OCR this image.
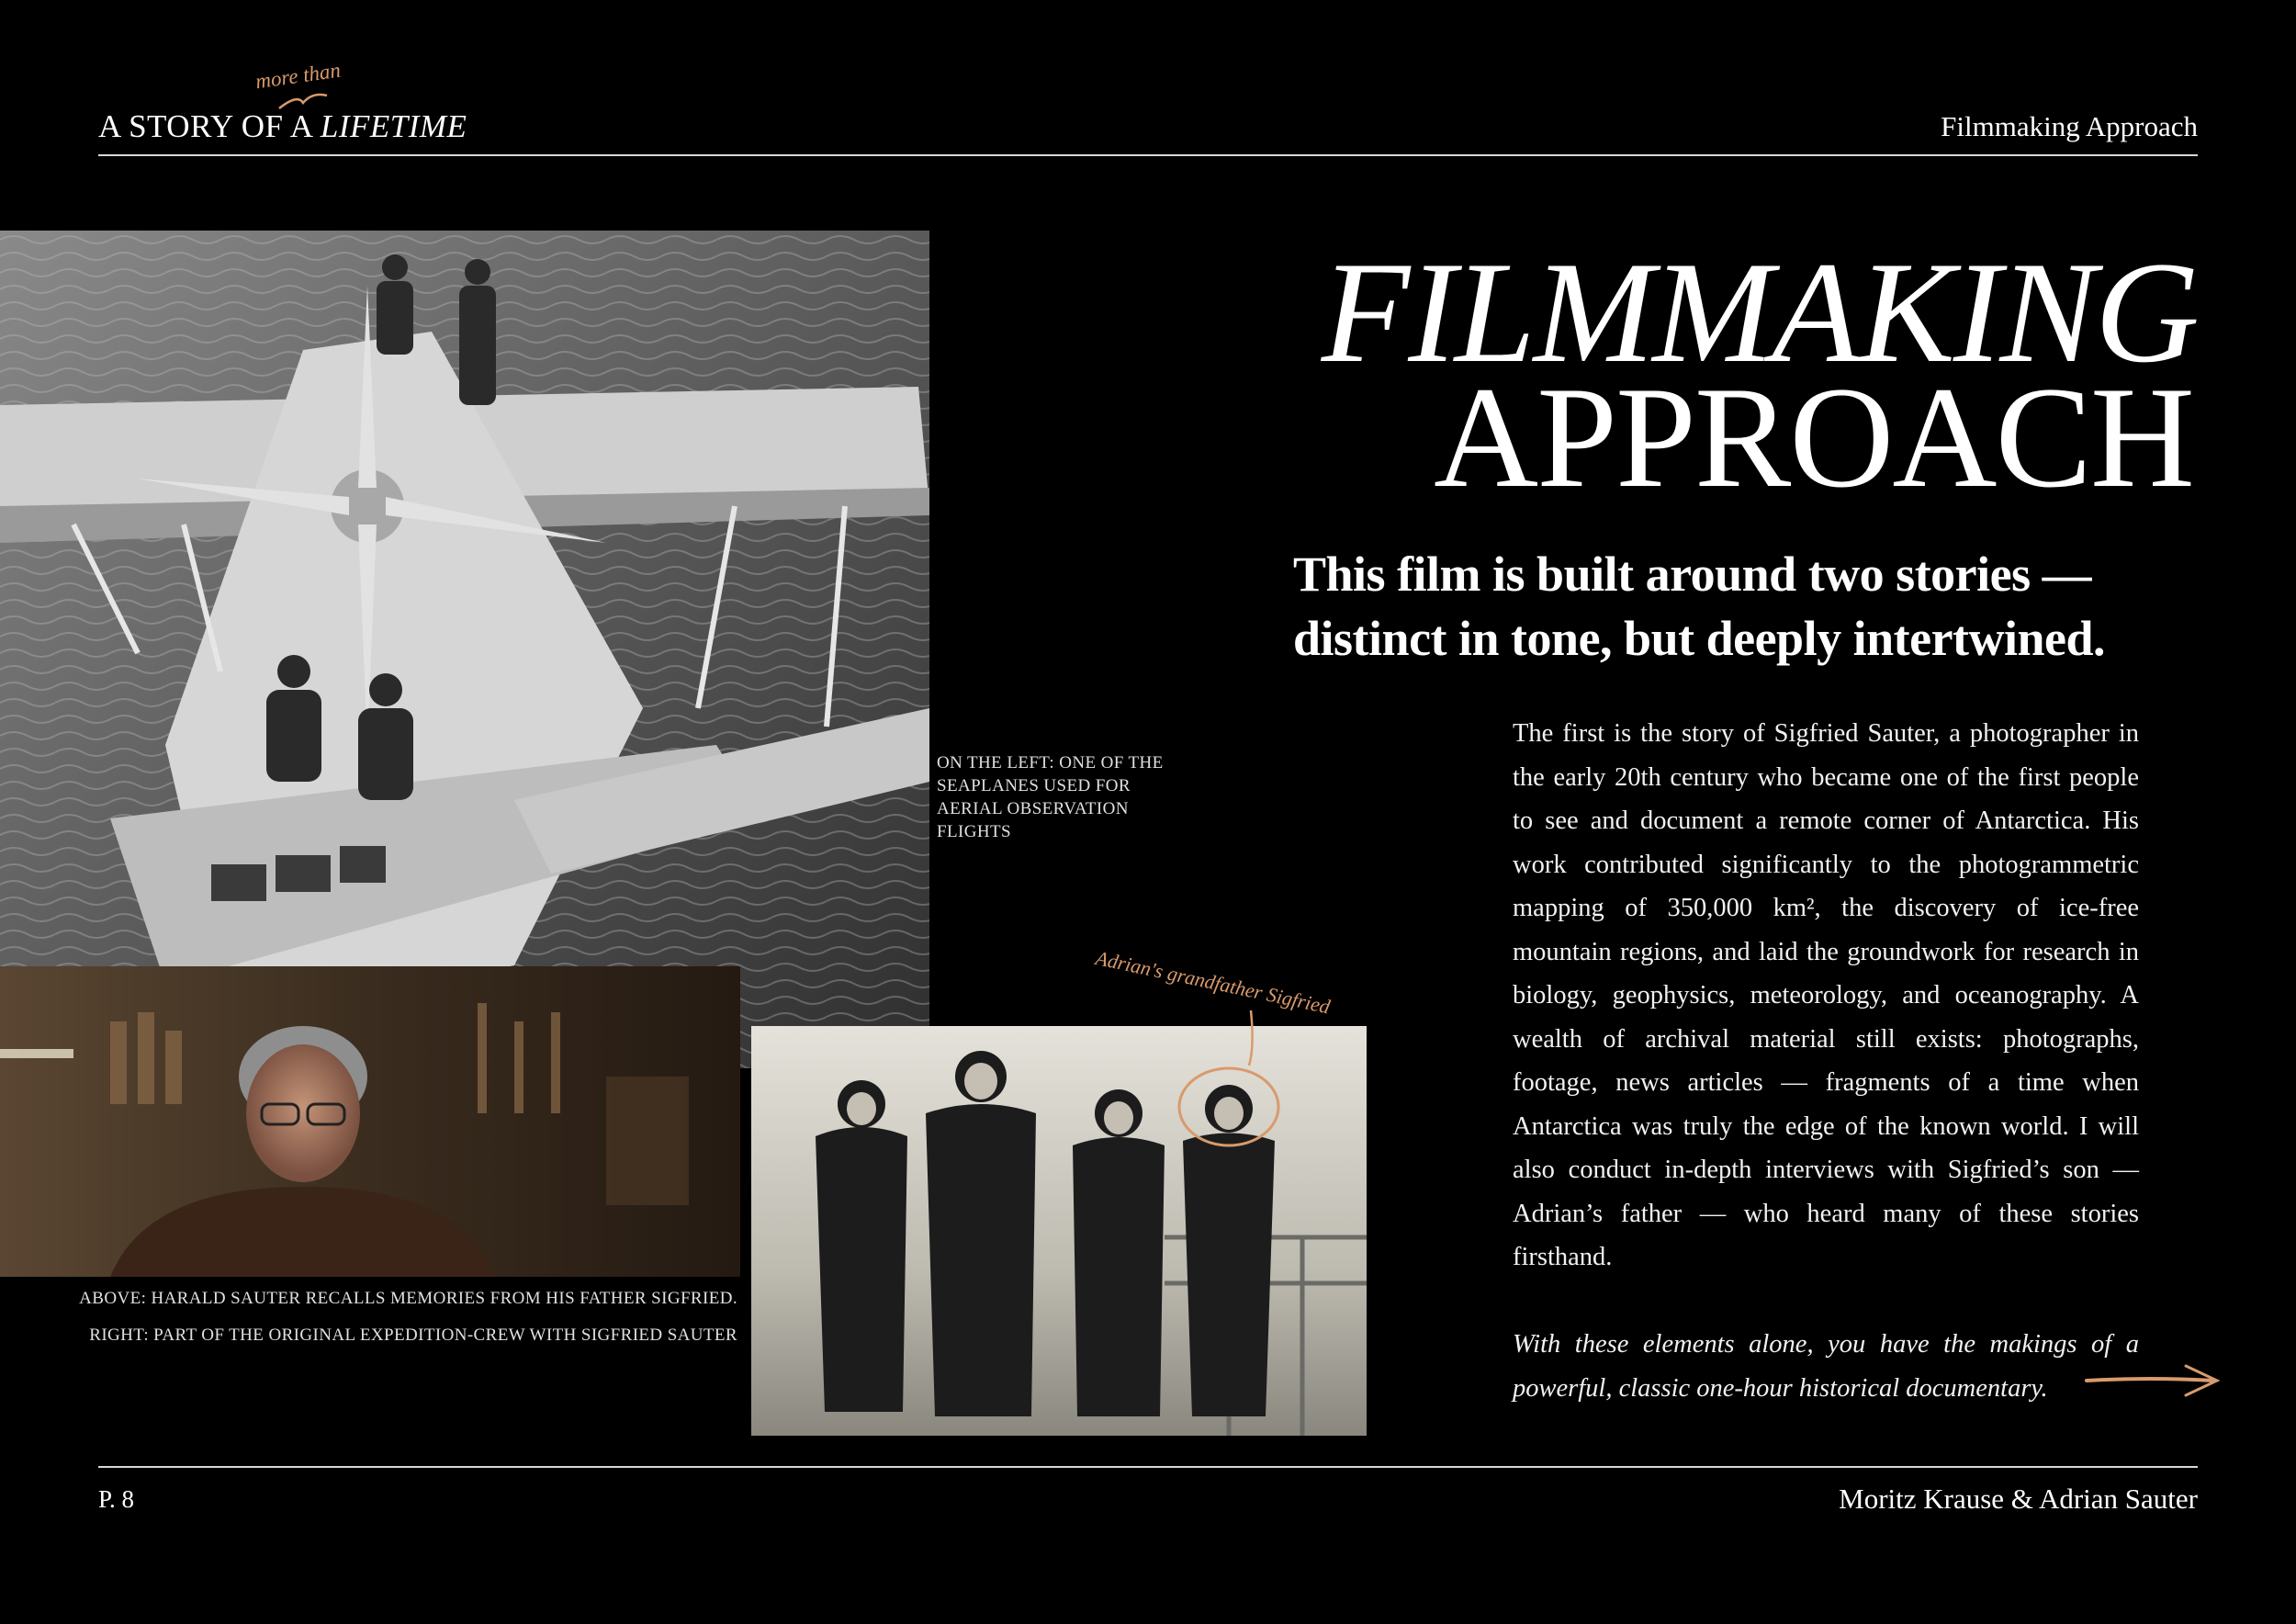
A STORY OF A LIFETIME
more than
Filmmaking Approach
Adrian's grandfather Sigfried
ON THE LEFT: ONE OF THE SEAPLANES USED FOR AERIAL OBSERVATION FLIGHTS
ABOVE: HARALD SAUTER RECALLS MEMORIES FROM HIS FATHER SIGFRIED.
RIGHT: PART OF THE ORIGINAL EXPEDITION-CREW WITH SIGFRIED SAUTER
FILMMAKING
APPROACH
This film is built around two stories — distinct in tone, but deeply intertwined.
The first is the story of Sigfried Sauter, a photographer in the early 20th century who became one of the first people to see and document a remote corner of Antarctica. His work contributed significantly to the photogrammetric mapping of 350,000 km², the discovery of ice-free mountain regions, and laid the groundwork for research in biology, geophysics, meteorology, and oceanography. A wealth of archival material still exists: photographs, footage, news articles — fragments of a time when Antarctica was truly the edge of the known world. I will also conduct in-depth interviews with Sigfried’s son — Adrian’s father — who heard many of these stories firsthand.
With these elements alone, you have the makings of a powerful, classic one-hour historical documentary.
P. 8	Moritz Krause & Adrian Sauter
